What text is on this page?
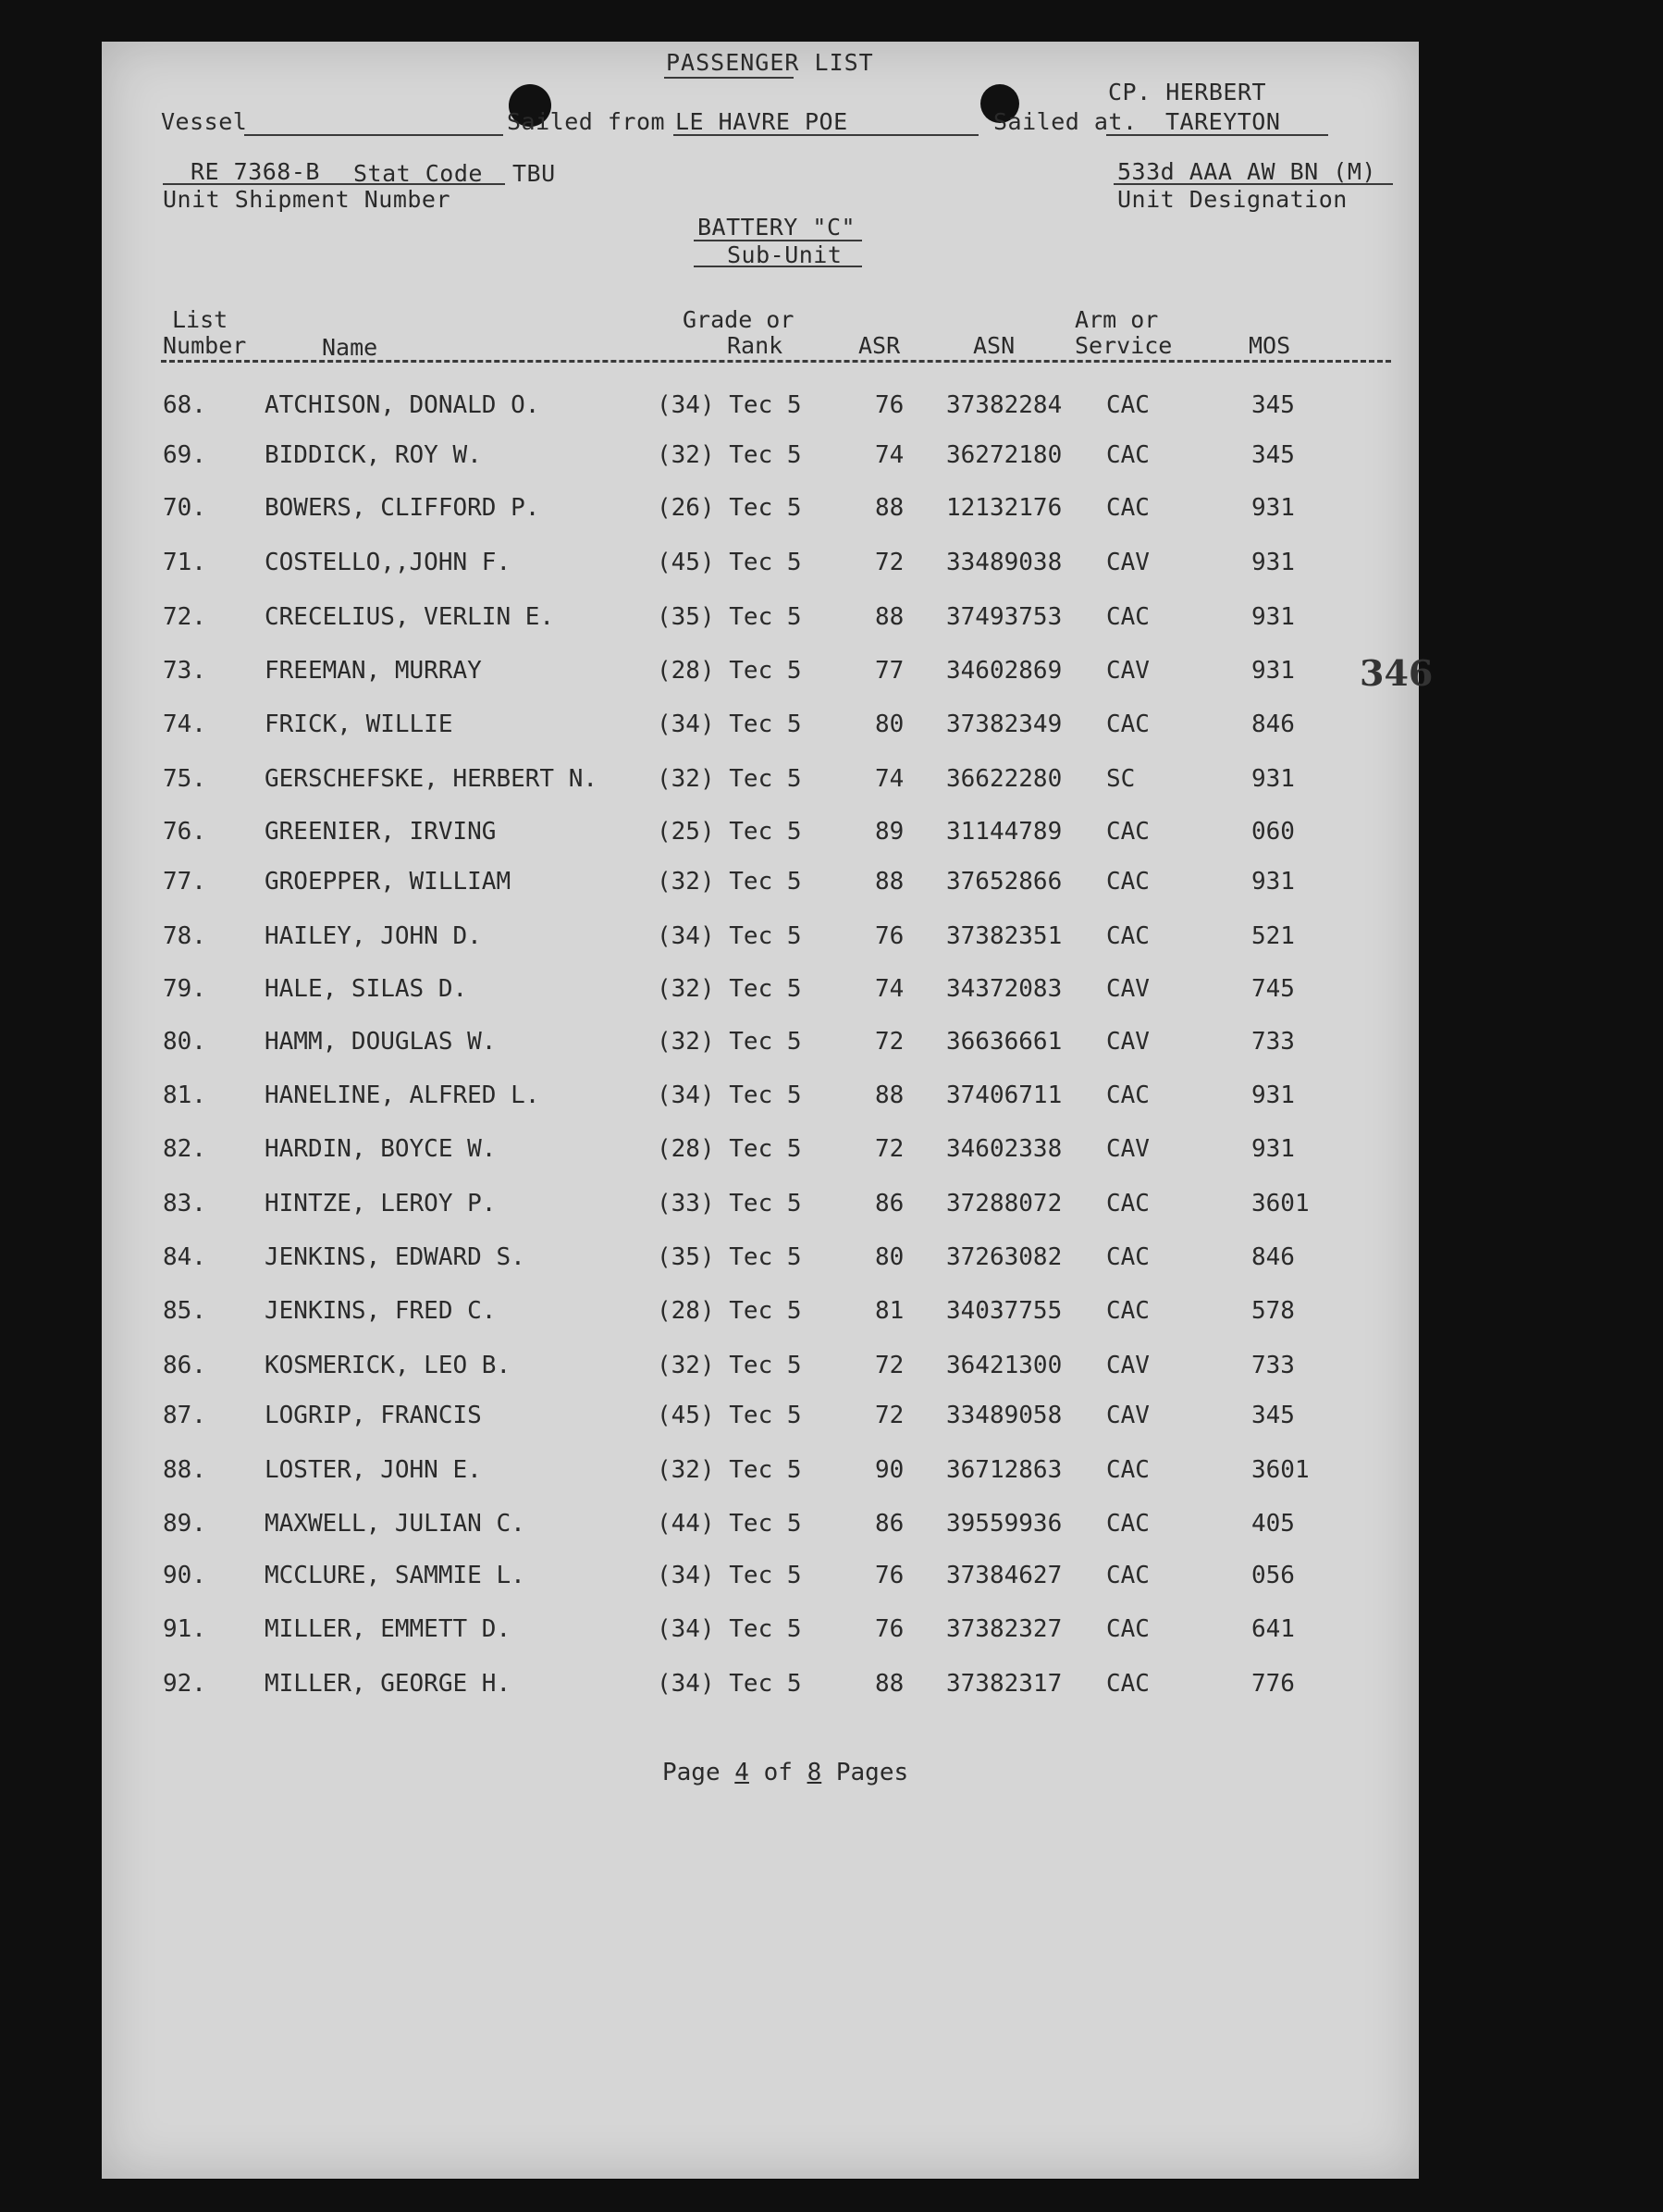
PASSENGER LIST
CP. HERBERT
Vessel	Sailed from LE HAVRE POE	Sailed at. TAREYTON
RE 7368-B Stat Code TBU
Unit Shipment Number
533d AAA AW BN (M)
Unit Designation
BATTERY "C"
Sub-Unit
List
Number	Name
Grade or
Rank	ASR	ASN
Arm or
Service	MOS
68. ATCHISON, DONALD O.	(34) Tec 5	76 37382284 CAC	345
69. BIDDICK, ROY W.	(32) Tec 5	74 36272180 CAC	345
70. BOWERS, CLIFFORD P.	(26) Tec 5	88 12132176 CAC	931
71. COSTELLO,,JOHN F.	(45) Tec 5	72 33489038 CAV	931
72. CRECELIUS, VERLIN E.	(35) Tec 5	88 37493753 CAC	931
73. FREEMAN, MURRAY	(28) Tec 5	77 34602869 CAV	931
74. FRICK, WILLIE	(34) Tec 5	80 37382349 CAC	846
75. GERSCHEFSKE, HERBERT N. (32) Tec 5	74 36622280 SC	931
76. GREENIER, IRVING	(25) Tec 5	89 31144789 CAC	060
77. GROEPPER, WILLIAM	(32) Tec 5	88 37652866 CAC	931
78. HAILEY, JOHN D.	(34) Tec 5	76 37382351 CAC	521
79. HALE, SILAS D.	(32) Tec 5	74 34372083 CAV	745
80. HAMM, DOUGLAS W.	(32) Tec 5	72 36636661 CAV	733
81. HANELINE, ALFRED L.	(34) Tec 5	88 37406711 CAC	931
82. HARDIN, BOYCE W.	(28) Tec 5	72 34602338 CAV	931
83. HINTZE, LEROY P.	(33) Tec 5	86 37288072 CAC	3601
84. JENKINS, EDWARD S.	(35) Tec 5	80 37263082 CAC	846
85. JENKINS, FRED C.	(28) Tec 5	81 34037755 CAC	578
86. KOSMERICK, LEO B.	(32) Tec 5	72 36421300 CAV	733
87. LOGRIP, FRANCIS	(45) Tec 5	72 33489058 CAV	345
88. LOSTER, JOHN E.	(32) Tec 5	90 36712863 CAC	3601
89. MAXWELL, JULIAN C.	(44) Tec 5	86 39559936 CAC	405
90. MCCLURE, SAMMIE L.	(34) Tec 5	76 37384627 CAC	056
91. MILLER, EMMETT D.	(34) Tec 5	76 37382327 CAC	641
92. MILLER, GEORGE H.	(34) Tec 5	88 37382317 CAC	776
346
Page 4 of 8 Pages
